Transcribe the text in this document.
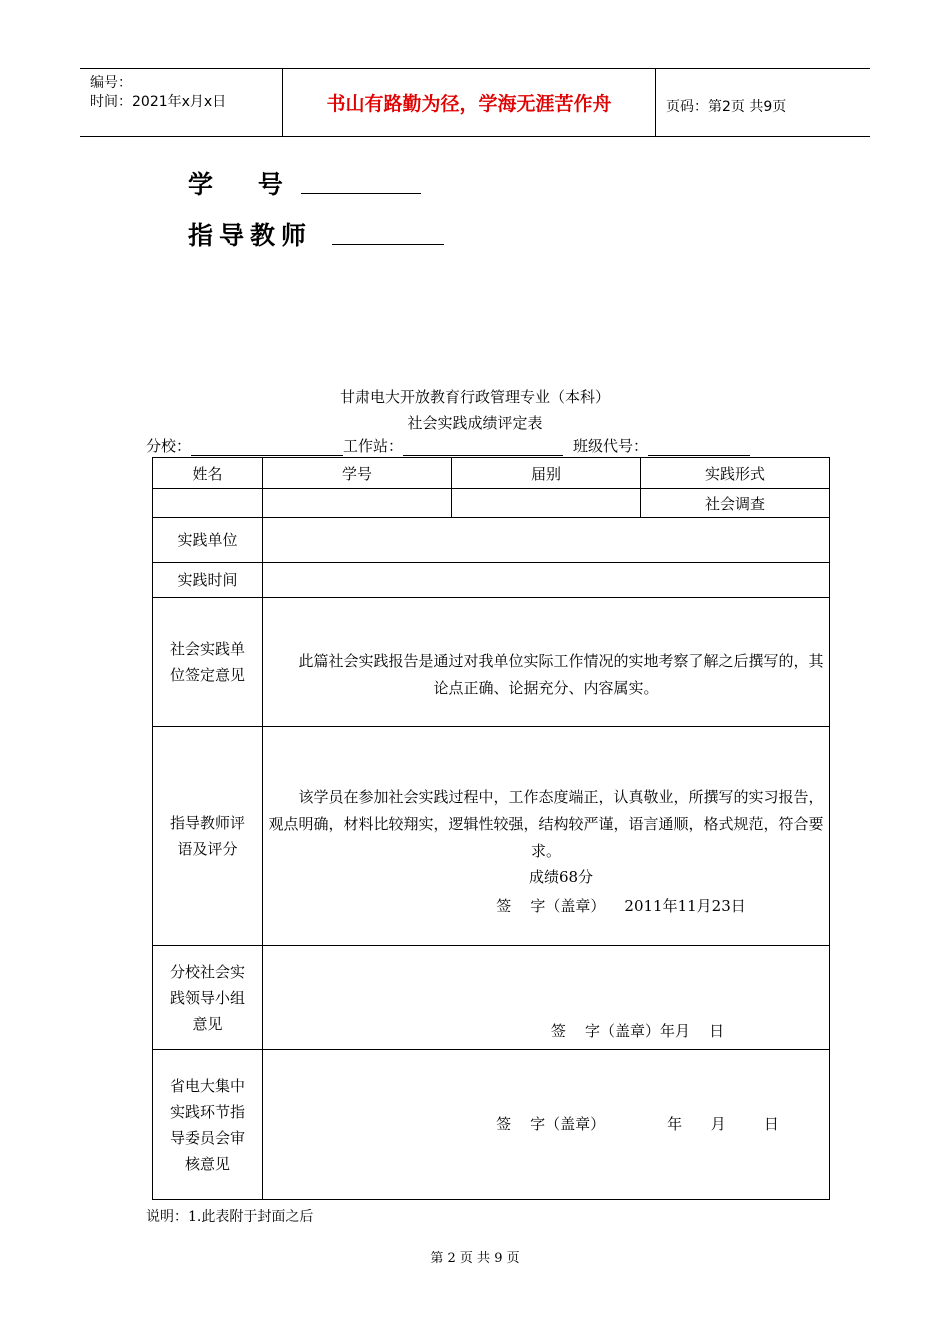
编号：
时间：2021年x月x日	书山有路勤为径，学海无涯苦作舟	页码：第2页 共9页
学    号
指导教师
甘肃电大开放教育行政管理专业（本科）
社会实践成绩评定表
分校：	工作站：	班级代号：
姓名	学号	届别	实践形式
			社会调查
实践单位			
实践时间			
社会实践单位签定意见	此篇社会实践报告是通过对我单位实际工作情况的实地考察了解之后撰写的，其论点正确、论据充分、内容属实。		

指导教师评语及评分	该学员在参加社会实践过程中，工作态度端正，认真敬业，所撰写的实习报告，观点明确，材料比较翔实，逻辑性较强，结构较严谨，语言通顺，格式规范，符合要求。
成绩68分
签    字（盖章）    2011年11月23日		

分校社会实践领导小组意见	签    字（盖章）年月    日		

省电大集中实践环节指导委员会审核意见	签    字（盖章）             年      月        日		
说明：1.此表附于封面之后
第 2 页 共 9 页
